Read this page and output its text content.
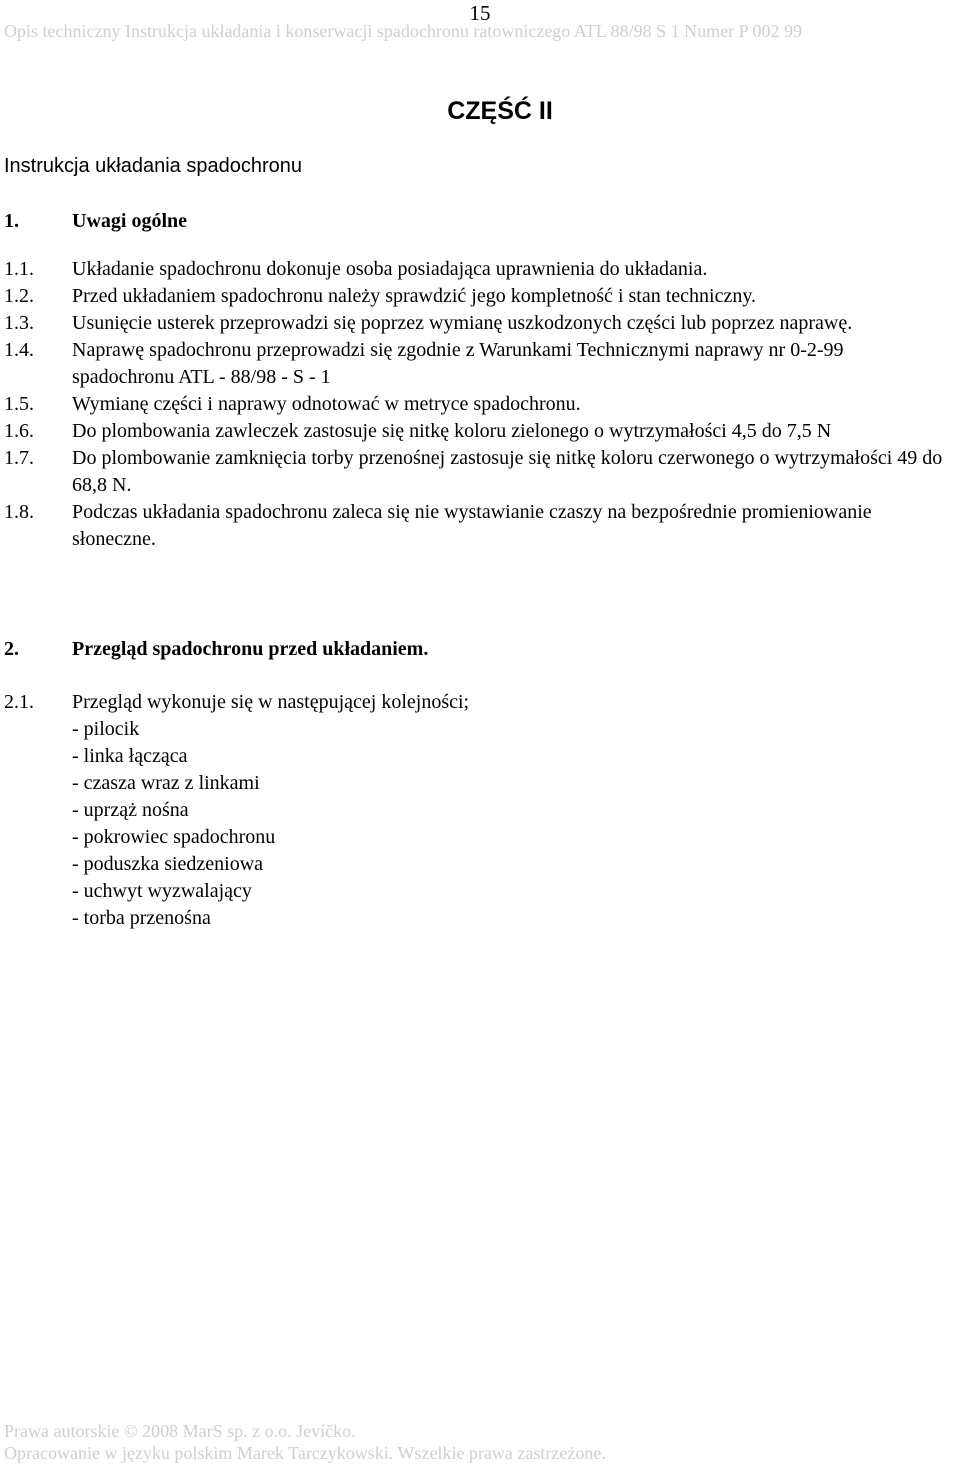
15
Opis techniczny Instrukcja układania i konserwacji spadochronu ratowniczego ATL 88/98 S 1 Numer P 002 99
CZĘŚĆ II
Instrukcja układania spadochronu
1.	Uwagi ogólne
1.1.	Układanie spadochronu dokonuje osoba posiadająca uprawnienia do układania.
1.2.	Przed układaniem spadochronu należy sprawdzić jego kompletność i stan techniczny.
1.3.	Usunięcie usterek przeprowadzi się poprzez wymianę uszkodzonych części lub poprzez naprawę.
1.4.	Naprawę spadochronu przeprowadzi się zgodnie z Warunkami Technicznymi naprawy nr 0-2-99 spadochronu ATL - 88/98 - S - 1
1.5.	Wymianę części i naprawy odnotować w metryce spadochronu.
1.6.	Do plombowania zawleczek zastosuje się nitkę koloru zielonego o wytrzymałości 4,5 do 7,5 N
1.7.	Do plombowanie zamknięcia torby przenośnej zastosuje się nitkę koloru czerwonego o wytrzymałości 49 do 68,8 N.
1.8.	Podczas układania spadochronu zaleca się nie wystawianie czaszy na bezpośrednie promieniowanie słoneczne.
2.	Przegląd spadochronu przed układaniem.
2.1.	Przegląd wykonuje się w następującej kolejności;
- pilocik
- linka łącząca
- czasza wraz z linkami
- uprząż nośna
- pokrowiec spadochronu
- poduszka siedzeniowa
- uchwyt wyzwalający
- torba przenośna
Prawa autorskie © 2008 MarS sp. z o.o. Jevíčko.
Opracowanie w języku polskim Marek Tarczykowski. Wszelkie prawa zastrzeżone.
